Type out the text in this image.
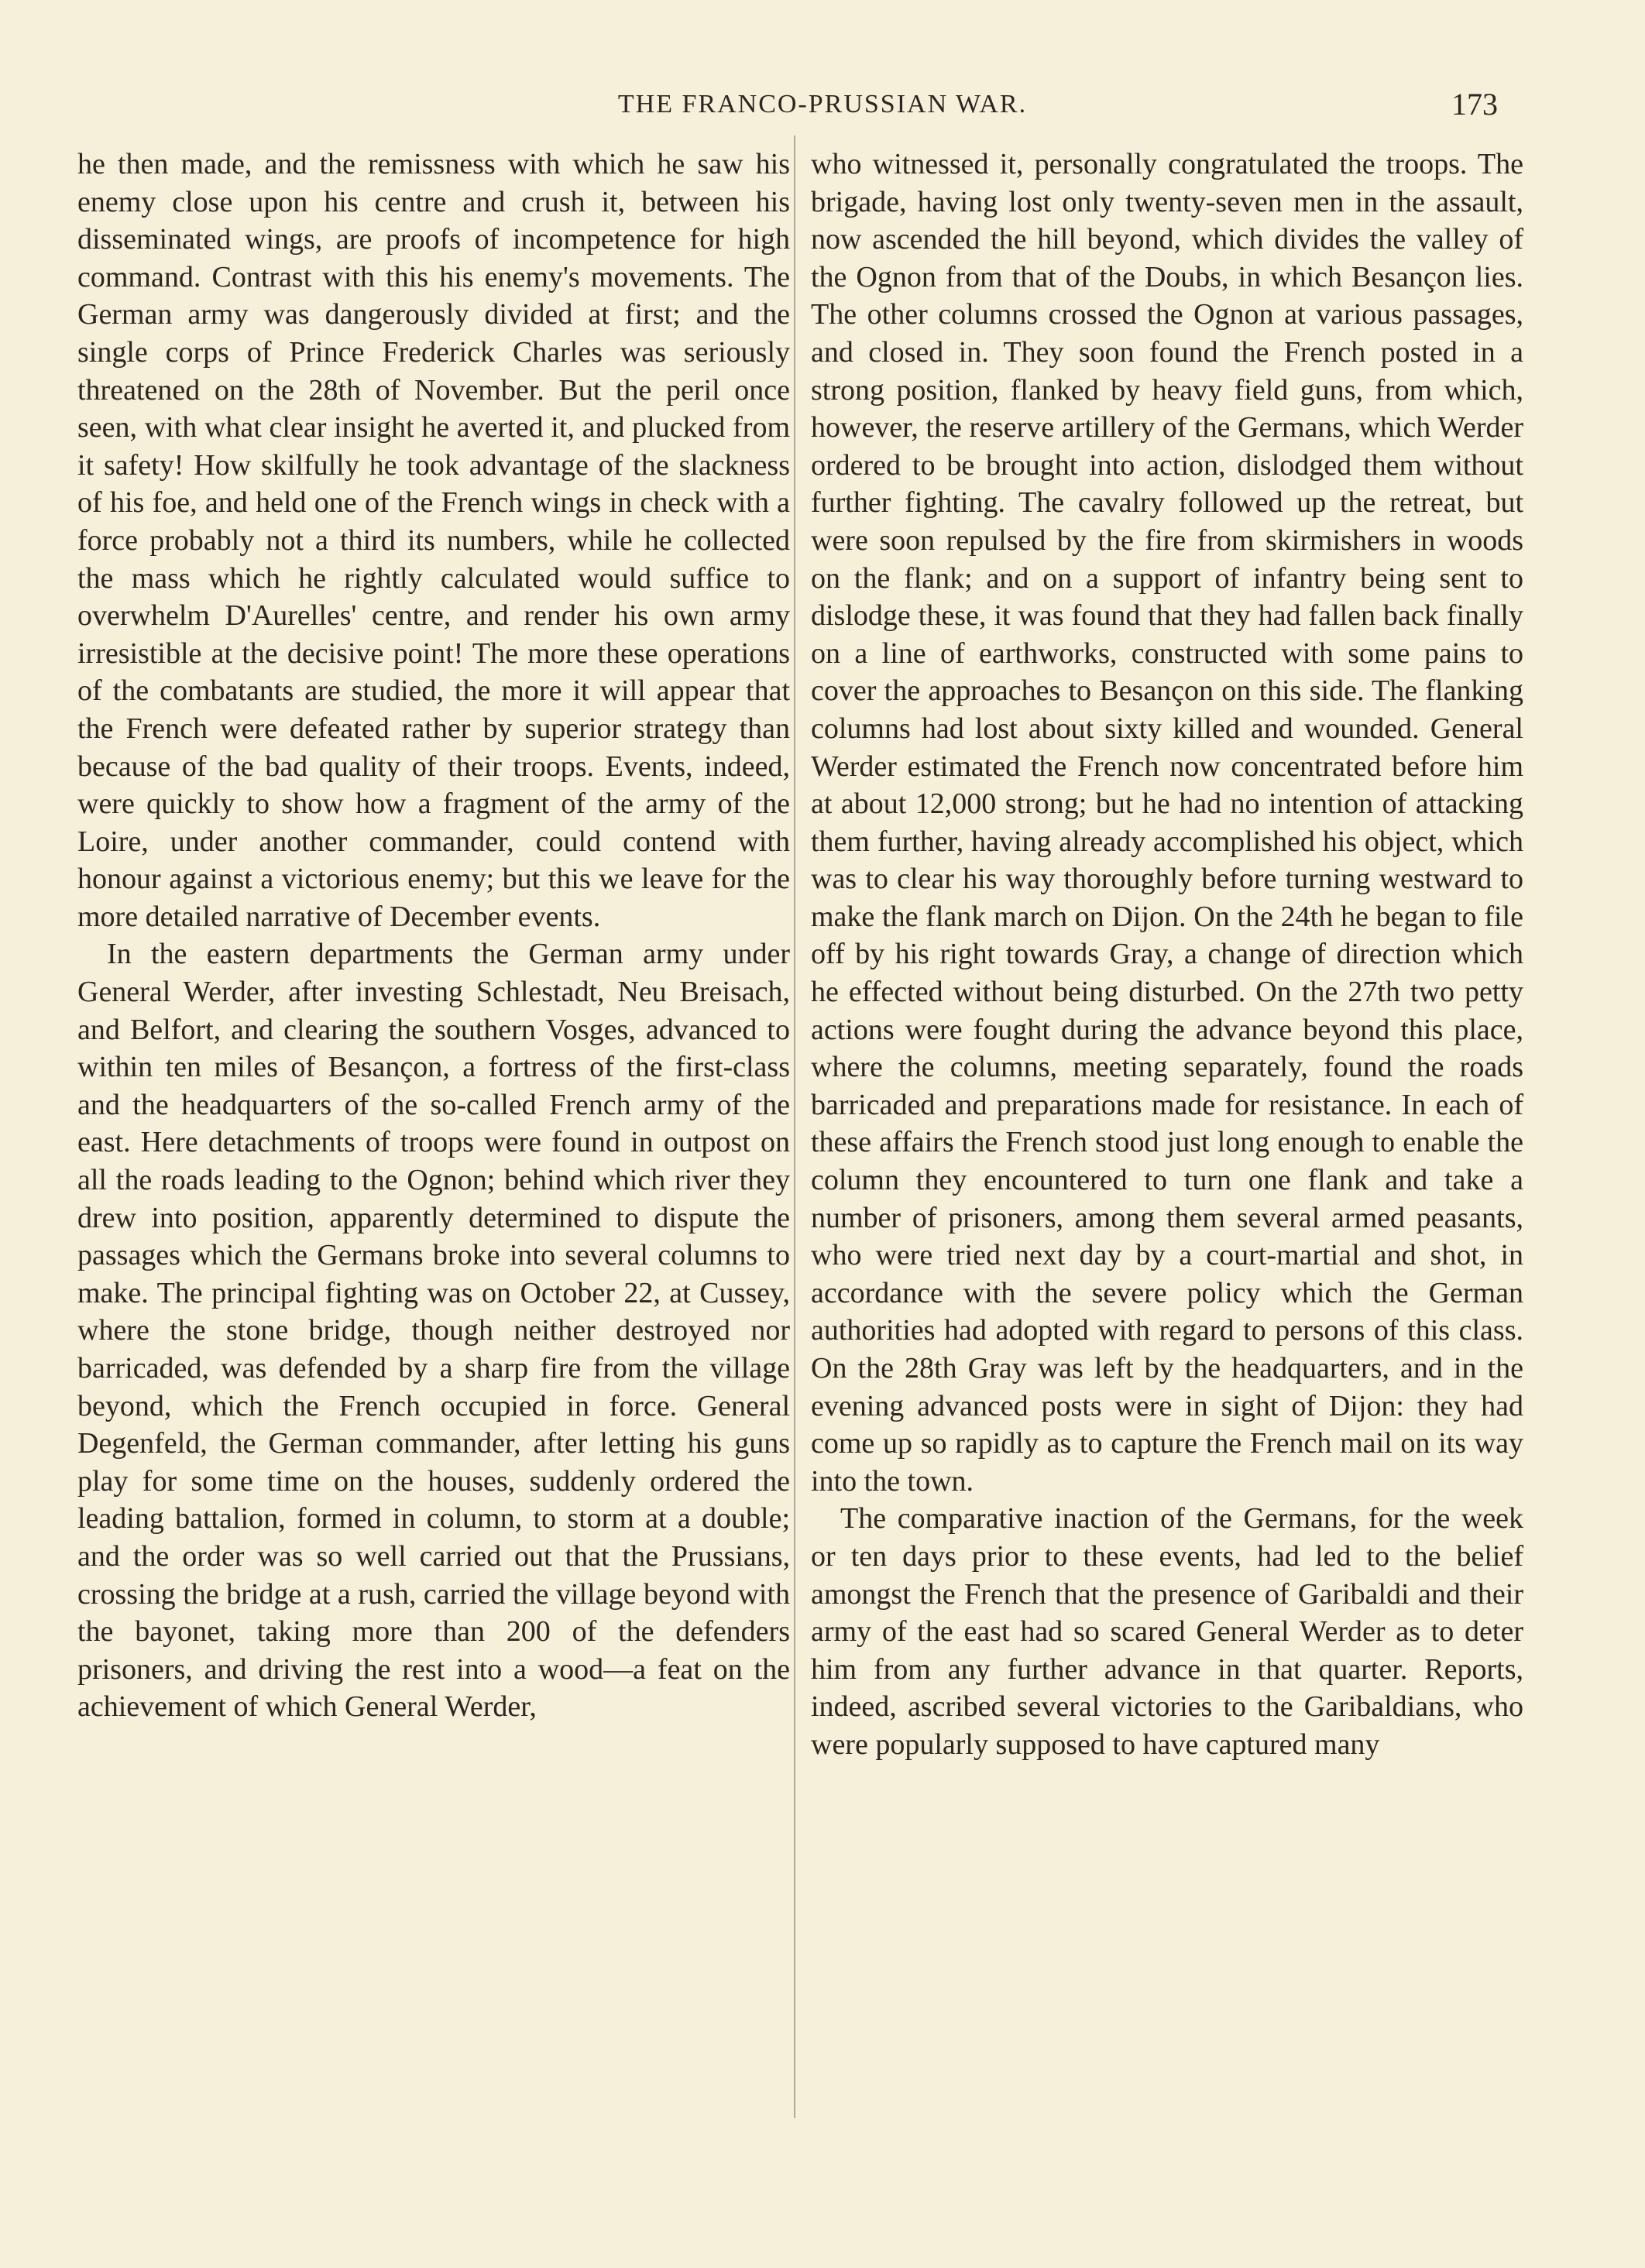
THE FRANCO-PRUSSIAN WAR.	173

he then made, and the remissness with which he saw his enemy close upon his centre and crush it, between his disseminated wings, are proofs of incompetence for high command. Contrast with this his enemy's movements. The German army was dangerously divided at first; and the single corps of Prince Frederick Charles was seriously threatened on the 28th of November. But the peril once seen, with what clear insight he averted it, and plucked from it safety! How skilfully he took advantage of the slackness of his foe, and held one of the French wings in check with a force probably not a third its numbers, while he collected the mass which he rightly calculated would suffice to overwhelm D'Aurelles' centre, and render his own army irresistible at the decisive point! The more these operations of the combatants are studied, the more it will appear that the French were defeated rather by superior strategy than because of the bad quality of their troops. Events, indeed, were quickly to show how a fragment of the army of the Loire, under another commander, could contend with honour against a victorious enemy; but this we leave for the more detailed narrative of December events.

In the eastern departments the German army under General Werder, after investing Schlestadt, Neu Breisach, and Belfort, and clearing the southern Vosges, advanced to within ten miles of Besançon, a fortress of the first-class and the headquarters of the so-called French army of the east. Here detachments of troops were found in outpost on all the roads leading to the Ognon; behind which river they drew into position, apparently determined to dispute the passages which the Germans broke into several columns to make. The principal fighting was on October 22, at Cussey, where the stone bridge, though neither destroyed nor barricaded, was defended by a sharp fire from the village beyond, which the French occupied in force. General Degenfeld, the German commander, after letting his guns play for some time on the houses, suddenly ordered the leading battalion, formed in column, to storm at a double; and the order was so well carried out that the Prussians, crossing the bridge at a rush, carried the village beyond with the bayonet, taking more than 200 of the defenders prisoners, and driving the rest into a wood—a feat on the achievement of which General Werder,

who witnessed it, personally congratulated the troops. The brigade, having lost only twenty-seven men in the assault, now ascended the hill beyond, which divides the valley of the Ognon from that of the Doubs, in which Besançon lies. The other columns crossed the Ognon at various passages, and closed in. They soon found the French posted in a strong position, flanked by heavy field guns, from which, however, the reserve artillery of the Germans, which Werder ordered to be brought into action, dislodged them without further fighting. The cavalry followed up the retreat, but were soon repulsed by the fire from skirmishers in woods on the flank; and on a support of infantry being sent to dislodge these, it was found that they had fallen back finally on a line of earthworks, constructed with some pains to cover the approaches to Besançon on this side. The flanking columns had lost about sixty killed and wounded. General Werder estimated the French now concentrated before him at about 12,000 strong; but he had no intention of attacking them further, having already accomplished his object, which was to clear his way thoroughly before turning westward to make the flank march on Dijon. On the 24th he began to file off by his right towards Gray, a change of direction which he effected without being disturbed. On the 27th two petty actions were fought during the advance beyond this place, where the columns, meeting separately, found the roads barricaded and preparations made for resistance. In each of these affairs the French stood just long enough to enable the column they encountered to turn one flank and take a number of prisoners, among them several armed peasants, who were tried next day by a court-martial and shot, in accordance with the severe policy which the German authorities had adopted with regard to persons of this class. On the 28th Gray was left by the headquarters, and in the evening advanced posts were in sight of Dijon: they had come up so rapidly as to capture the French mail on its way into the town.

The comparative inaction of the Germans, for the week or ten days prior to these events, had led to the belief amongst the French that the presence of Garibaldi and their army of the east had so scared General Werder as to deter him from any further advance in that quarter. Reports, indeed, ascribed several victories to the Garibaldians, who were popularly supposed to have captured many
